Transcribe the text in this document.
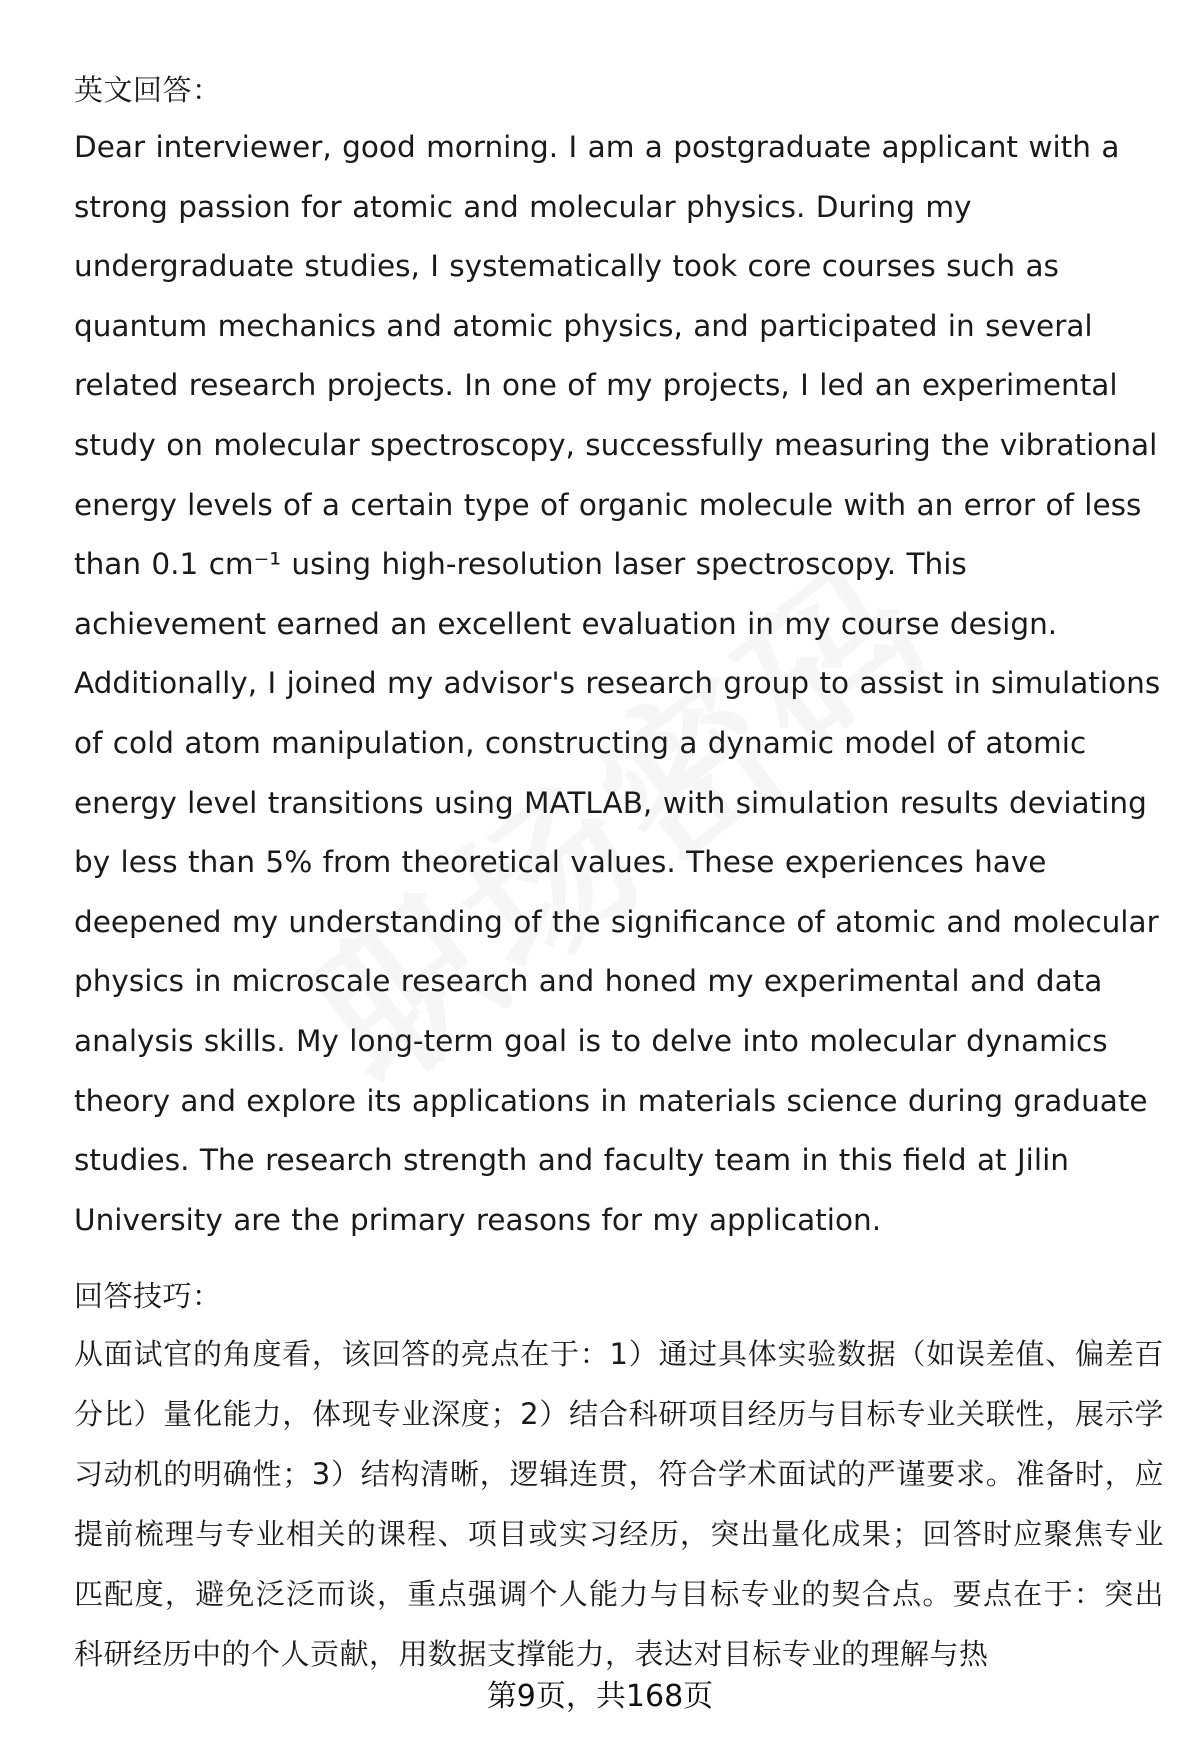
英文回答：

Dear interviewer, good morning. I am a postgraduate applicant with a strong passion for atomic and molecular physics. During my undergraduate studies, I systematically took core courses such as quantum mechanics and atomic physics, and participated in several related research projects. In one of my projects, I led an experimental study on molecular spectroscopy, successfully measuring the vibrational energy levels of a certain type of organic molecule with an error of less than 0.1 cm⁻¹ using high-resolution laser spectroscopy. This achievement earned an excellent evaluation in my course design. Additionally, I joined my advisor's research group to assist in simulations of cold atom manipulation, constructing a dynamic model of atomic energy level transitions using MATLAB, with simulation results deviating by less than 5% from theoretical values. These experiences have deepened my understanding of the significance of atomic and molecular physics in microscale research and honed my experimental and data analysis skills. My long-term goal is to delve into molecular dynamics theory and explore its applications in materials science during graduate studies. The research strength and faculty team in this field at Jilin University are the primary reasons for my application.

回答技巧：

从面试官的角度看，该回答的亮点在于：1）通过具体实验数据（如误差值、偏差百分比）量化能力，体现专业深度；2）结合科研项目经历与目标专业关联性，展示学习动机的明确性；3）结构清晰，逻辑连贯，符合学术面试的严谨要求。准备时，应提前梳理与专业相关的课程、项目或实习经历，突出量化成果；回答时应聚焦专业匹配度，避免泛泛而谈，重点强调个人能力与目标专业的契合点。要点在于：突出科研经历中的个人贡献，用数据支撑能力，表达对目标专业的理解与热

第9页，共168页
